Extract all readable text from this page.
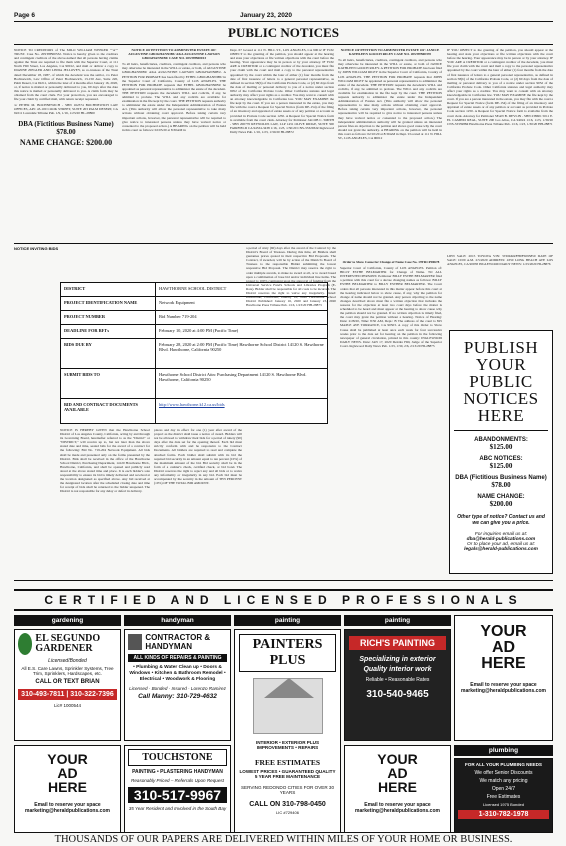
Page 6	January 23, 2020
PUBLIC NOTICES
NOTICE TO CREDITORS of The MILO WILLIAM WEEKER ""A"" TRUST. Case No. 20STPB00532. Notice is hereby given to the creditors and contingent creditors of the above-named that all persons having claims against the Trust are required to file them with the Superior Court, at 111 North Hill Street, Los Angeles, CA 90012, and mail or deliver a copy to DIANNE ZIEGLER AND LINDA JELLOVEY, as co-trustees of the Trust dated December 18, 1987, of which the decedent was the settlor, c/o Peter Bochnewich, Law Office of Peter Bochnewich, 13-150 Ave, Suite 220, Palm Desert, CA 92211, within the later of 4 months after January 16, 2020, or, if notice is mailed or personally delivered to you, 60 days after the date this notice is mailed or personally delivered to you. A claim form may be obtained from the court clerk. For your protection, you are encouraged to file your claim by certified mail, with return receipt requested.
/s/ PETER M. BOCHNEWICH - SBN 162374 BOCHNEWICH LAW OFFICES, APC 43-100 COOK STREET, SUITE 203 PALM DESERT, CA 92211 Lawndale Tribune Pub. 1/9, 1/16, 1/23/20 HL-28800
DBA (Fictitious Business Name) $78.00
NAME CHANGE: $200.00
NOTICE OF PETITION TO ADMINISTER ESTATE OF: AUGUSTINE GBOGHANNIBU AKA AUGUSTINE LAWSON GBOGHANNIBU CASE NO. 20STPB00013
To all heirs, beneficiaries, creditors, contingent creditors, and persons who may otherwise be interested in the WILL or estate, or both, of AUGUSTINE GBOGHANNIBU AKA AUGUSTINE LAWSON GBOGHANNIBU. A PETITION FOR PROBATE has been filed by ETHEL GBOGHANNIBU in the Superior Court of California, County of LOS ANGELES. THE PETITION FOR PROBATE requests that ETHEL GBOGHANNIBU be appointed as personal representative to administer the estate of the decedent. THE PETITION requests the decedent's WILL and codicils, if any, be admitted to probate. The WILL and any codicils are available for examination in the file kept by the court. THE PETITION requests authority to administer the estate under the Independent Administration of Estates Act. (This authority will allow the personal representative to take many actions without obtaining court approval. Before taking certain very important actions, however, the personal representative will be required to give notice to interested persons unless they have waived notice or consented to the proposed action.) A HEARING on the petition will be held in this court as follows: 02/05/20 at 8:30AM in
Dept. 67 located at 111 N. HILL ST., LOS ANGELES, CA 90012 IF YOU OBJECT to the granting of the petition, you should appear at the hearing and state your objections or file written objections with the court before the hearing. Your appearance may be in person or by your attorney. IF YOU ARE A CREDITOR or a contingent creditor of the decedent, you must file your claim with the court and mail a copy to the personal representative appointed by the court within the later of either (1) four months from the date of first issuance of letters to a general personal representative, as defined in section 58(b) of the California Probate Code, or (2) 60 days from the date of mailing or personal delivery to you of a notice under section 9052 of the California Probate Code. Other California statutes and legal authority may affect your rights as a creditor. You may want to consult with an attorney knowledgeable in California law. YOU MAY EXAMINE the file kept by the court. If you are a person interested in the estate, you may file with the court a Request for Special Notice (form DE-154) of the filing of an inventory and appraisal of estate assets or of any petition or account as provided in Probate Code section 1250. A Request for Special Notice form is available from the court clerk. Attorney for Petitioner JACOB C. SMITH - SBN 200770 REYNOLDS LAW, LLP 1431 OLIVE RIDGE, SUITE 300 FAIRFIELD CA 94534-3438 1/16, 1/23, 1/30/20 CNS-3332932# Inglewood Daily News Pub. 1/16, 1/23, 1/30/20 HI-28872
NOTICE OF PETITION TO ADMINISTER ESTATE OF: JANICE KATHLEEN GOOCH RILEY CASE NO. 20STPB00370
To all heirs, beneficiaries, creditors, contingent creditors, and persons who may otherwise be interested in the WILL or estate, or both of JANICE KATHLEEN GOOCH RILEY. A PETITION FOR PROBATE has been filed by JOHN WILLIAM RILEY in the Superior Court of California, County of LOS ANGELES. THE PETITION FOR PROBATE requests that JOHN WILLIAM RILEY be appointed as personal representative to administer the estate of the decedent. THE PETITION requests the decedent's WILL and codicils, if any, be admitted to probate. The WILL and any codicils are available for examination in the file kept by the court. THE PETITION requests authority to administer the estate under the Independent Administration of Estates Act. (This authority will allow the personal representative to take many actions without obtaining court approval. Before taking certain very important actions, however, the personal representative will be required to give notice to interested persons unless they have waived notice or consented to the proposed action.) The independent administration authority will be granted unless an interested person files an objection to the petition and shows good cause why the court should not grant the authority. A HEARING on the petition will be held in this court as follows: 02/10/20 at 8:30AM in Dept. 9 located at 111 N. HILL ST., LOS ANGELES, CA 90012
IF YOU OBJECT to the granting of the petition, you should appear at the hearing and state your objections or file written objections with the court before the hearing. Your appearance may be in person or by your attorney. IF YOU ARE A CREDITOR or a contingent creditor of the decedent, you must file your claim with the court and mail a copy to the personal representative appointed by the court within the later of either (1) four months from the date of first issuance of letters to a general personal representative, as defined in section 58(b) of the California Probate Code, or (2) 60 days from the date of mailing or personal delivery to you of a notice under section 9052 of the California Probate Code. Other California statutes and legal authority may affect your rights as a creditor. You may want to consult with an attorney knowledgeable in California law. YOU MAY EXAMINE the file kept by the court. If you are a person interested in the estate, you may file with the court a Request for Special Notice (form DE-154) of the filing of an inventory and appraisal of estate assets or of any petition or account as provided in Probate Code section 1250. A Request for Special Notice form is available from the court clerk. Attorney for Petitioner SEAN B. DEVLIN - SBN 238601 5011 E. EL CAMINO REAL, SUITE 200 Los Altos, CA 94024 1/16, 1/23, 1/30/20 CNS-3333988# Hawthorne Press Tribune Pub. 1/16, 1/23, 1/30/20 HH-28871
NOTICE INVITING BIDS
DISTRICT	HAWTHORNE SCHOOL DISTRICT
PROJECT IDENTIFICATION NAME	Network Equipment
PROJECT NUMBER	Bid Number 719-204
DEADLINE FOR RFI's	February 10, 2020 at 4:00 PM (Pacific Time)
BIDS DUE BY	February 28, 2020 at 2:00 PM (Pacific Time) Hawthorne School District 14120 S. Hawthorne Blvd. Hawthorne, California 90250
SUBMIT BIDS TO	Hawthorne School District Attn: Purchasing Department 14120 S. Hawthorne Blvd. Hawthorne, California 90250
BID AND CONTRACT DOCUMENTS AVAILABLE
http://www.hawthorne.k12.ca.us/bids
NOTICE IS HEREBY GIVEN that the Hawthorne School District of Los Angeles County, California, acting by and through its Governing Board, hereinafter referred to as the "District" or "DISTRICT," will receive up to, but not later than the above stated date and time, sealed bids for the award of a contract for the following: Bid No. 719-204 Network Equipment. All bids shall be made and presented only on the forms presented by the District. Bids shall be received in the office of the Hawthorne School District, Purchasing Department, 14120 Hawthorne Blvd., Hawthorne, California, and shall be opened and publicly read aloud at the above stated time and place. It is each bidder's sole responsibility to ensure its bid is timely delivered and received at the location designated as specified above. Any bid received at the designated location after the scheduled closing date and time for receipt of bids shall be returned to the bidder unopened. The District is not responsible for any delay or defect in delivery.
places and day in effect for one (1) year after award of the project as the district shall issue a notice of award. Bidders will not be allowed to withdraw their bids for a period of ninety (90) days after the date set for the opening thereof. Each bid must strictly conform with and be responsive to the Contract Documents. All bidders are required to read and complete the attached forms. Each bidder shall submit with its bid the required bid security in an amount equal to ten percent (10%) of the maximum amount of the bid. Bid security shall be in the form of a cashier's check, certified check, or bid bond. The District reserves the right to reject any and all bids or to waive any informality or irregularity in any bid. Each bid must be accompanied by the security in the amount of TEN PERCENT (10%) OF THE TOTAL BID AMOUNT.
a period of sixty (60) days after the award of the Contract by the District's Board of Trustees. During this time, all Bidders shall guarantee prices quoted in their respective Bid Proposals. The Contract, if awarded, will be by action of the District's Board of Trustees to the responsible Bidder submitting the lowest responsive Bid Proposal. The District may reserve the right to order multiple awards, to make no award at all, or to award based upon a combination of base bid and/or individual line items. The project is 100% contingent upon the approval of funding from the Universal Service Fund's Schools and Libraries Program (E-Rate). Bidder shall be responsible for all costs to be incurred. The District reserves the right to waive any irregularity. Dated: Hawthorne, California, January 16, 2020 Hawthorne School District Published: January 16, 2020 and January 23, 2020 Hawthorne Press Tribune Pub. 1/16, 1/23/20 HH-28873
Order to Show Cause for Change of Name Case No. 19TRCP00678
Superior Court of California, County of LOS ANGELES. Petition of: BILLY ESTHE BELMARTER for Change of Name. TO ALL INTERESTED PERSONS: Petitioner BILLY ESTHE BELMARTER filed a petition with this court for a decree changing names as follows: BILLY ESTHE BELMARTER to BILLY ESTHER BELMARTER. The Court orders that all persons interested in this matter appear before this court at the hearing indicated below to show cause, if any, why the petition for change of name should not be granted. Any person objecting to the name changes described above must file a written objection that includes the reasons for the objection at least two court days before the matter is scheduled to be heard and must appear at the hearing to show cause why the petition should not be granted. If no written objection is timely filed, the court may grant the petition without a hearing. Notice of Hearing: Date: 2/28/20, Time: 8:30 AM, Dept.: B The address of the court is 825 MAPLE AVE TORRANCE, CA 90503. A copy of this Order to Show Cause shall be published at least once each week for four successive weeks prior to the date set for hearing on the petition in the following newspaper of general circulation, printed in this county: INGLEWOOD DAILY NEWS. Date: JAN 17, 2020 Deirdre Hill, Judge of the Superior Court. Inglewood Daily News Pub. 1/23, 1/30, 2/6, 2/13/20 HI-28875
LIEN SALE: 2015 TOYOTA VIN: 5TDKKRFH0FS095850 DATE OF SALE: 10:00 A.M. 2/5/2020 ADDRESS: 4350 LONG BEACH AVE LOS ANGELES, CA 90058 INGLEWOOD DAILY NEWS: 1/23/2020 HI-28876
PUBLISH YOUR PUBLIC NOTICES HERE
ABANDONMENTS:
$125.00
ABC NOTICES:
$125.00
DBA (Fictitious Business Name)
$78.00
NAME CHANGE:
$200.00
Other type of notice? Contact us and we can give you a price.
For inquiries email us at:
dba@herald-publications.com
Or to place your ad, email us at:
legals@herald-publications.com
CERTIFIED AND LICENSED PROFESSIONALS
gardening	handyman	painting	painting
EL SEGUNDO GARDENER
Licensed/Bonded
All E.S. Care Lawns, Sprinkler Systems, Tree Trim, Sprinklers, Hardscapes, etc.
CALL OR TEXT BRIAN
310-493-7811 | 310-322-7396
Lic# 1000544
CONTRACTOR & HANDYMAN
ALL KINDS OF REPAIRS & PAINTING
• Plumbing & Water Clean up • Doors & Windows • Kitchen & Bathroom Remodel • Electrical • Woodwork & Flooring
Licensed · Bonded · Insured · Lorenzo Ramirez
Call Manny: 310-729-4632
PAINTERS PLUS
INTERIOR • EXTERIOR PLUS IMPROVEMENTS • REPAIRS
FREE ESTIMATES
LOWEST PRICES • GUARANTEED QUALITY 5 YEAR FREE MAINTENANCE
SERVING REDONDO CITIES FOR OVER 30 YEARS
CALL ON 310-798-0450
LIC #729406
RICH'S PAINTING
Specializing in exterior
Quality interior work
Reliable • Reasonable Rates
310-540-9465
YOUR
AD
HERE
Email to reserve your space marketing@heraldpublications.com
YOUR
AD
HERE
Email to reserve your space marketing@heraldpublications.com
TOUCHSTONE
PAINTING • PLASTERING HANDYMAN
Reasonably Priced – Referrals Upon Request
310-517-9967
35 Year Resident and Involved in the South Bay
YOUR
AD
HERE
Email to reserve your space marketing@heraldpublications.com
plumbing
FOR ALL YOUR PLUMBING NEEDS
We offer Senior Discounts
We match any pricing
Open 24/7
Free Estimates
Licensed 1975 Bonded
1-310-782-1978
THOUSANDS OF OUR PAPERS ARE DELIVERED WITHIN MILES OF YOUR HOME OR BUSINESS.
